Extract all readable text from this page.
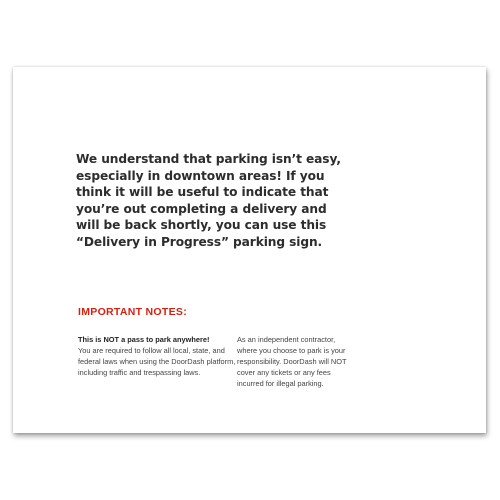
We understand that parking isn’t easy, especially in downtown areas! If you think it will be useful to indicate that you’re out completing a delivery and will be back shortly, you can use this “Delivery in Progress” parking sign.

IMPORTANT NOTES:
This is NOT a pass to park anywhere!
You are required to follow all local, state, and federal laws when using the DoorDash platform, including traffic and trespassing laws.
As an independent contractor, where you choose to park is your responsibility. DoorDash will NOT cover any tickets or any fees incurred for illegal parking.
